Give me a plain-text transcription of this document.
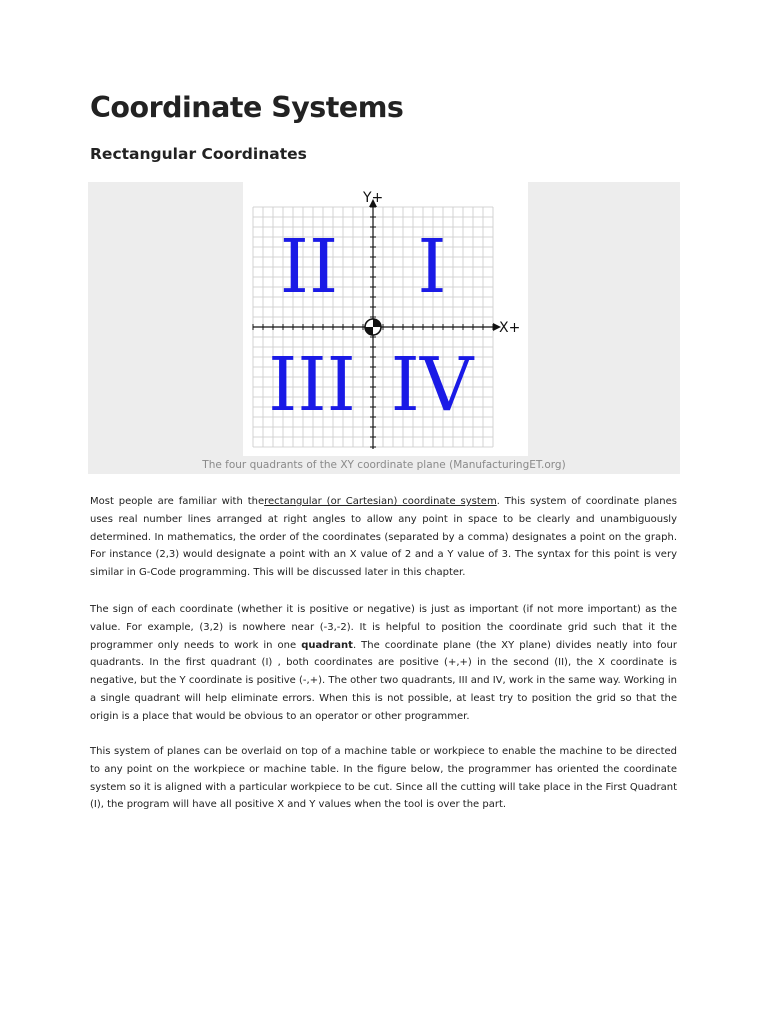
Coordinate Systems
Rectangular Coordinates
Y+
X+
II I
III IV
The four quadrants of the XY coordinate plane (ManufacturingET.org)

Most people are familiar with therectangular (or Cartesian) coordinate system. This system of coordinate planes uses real number lines arranged at right angles to allow any point in space to be clearly and unambiguously determined. In mathematics, the order of the coordinates (separated by a comma) designates a point on the graph. For instance (2,3) would designate a point with an X value of 2 and a Y value of 3. The syntax for this point is very similar in G-Code programming. This will be discussed later in this chapter.

The sign of each coordinate (whether it is positive or negative) is just as important (if not more important) as the value. For example, (3,2) is nowhere near (-3,-2). It is helpful to position the coordinate grid such that it the programmer only needs to work in one quadrant. The coordinate plane (the XY plane) divides neatly into four quadrants. In the first quadrant (I) , both coordinates are positive (+,+) in the second (II), the X coordinate is negative, but the Y coordinate is positive (-,+). The other two quadrants, III and IV, work in the same way. Working in a single quadrant will help eliminate errors. When this is not possible, at least try to position the grid so that the origin is a place that would be obvious to an operator or other programmer.

This system of planes can be overlaid on top of a machine table or workpiece to enable the machine to be directed to any point on the workpiece or machine table. In the figure below, the programmer has oriented the coordinate system so it is aligned with a particular workpiece to be cut. Since all the cutting will take place in the First Quadrant (I), the program will have all positive X and Y values when the tool is over the part.
